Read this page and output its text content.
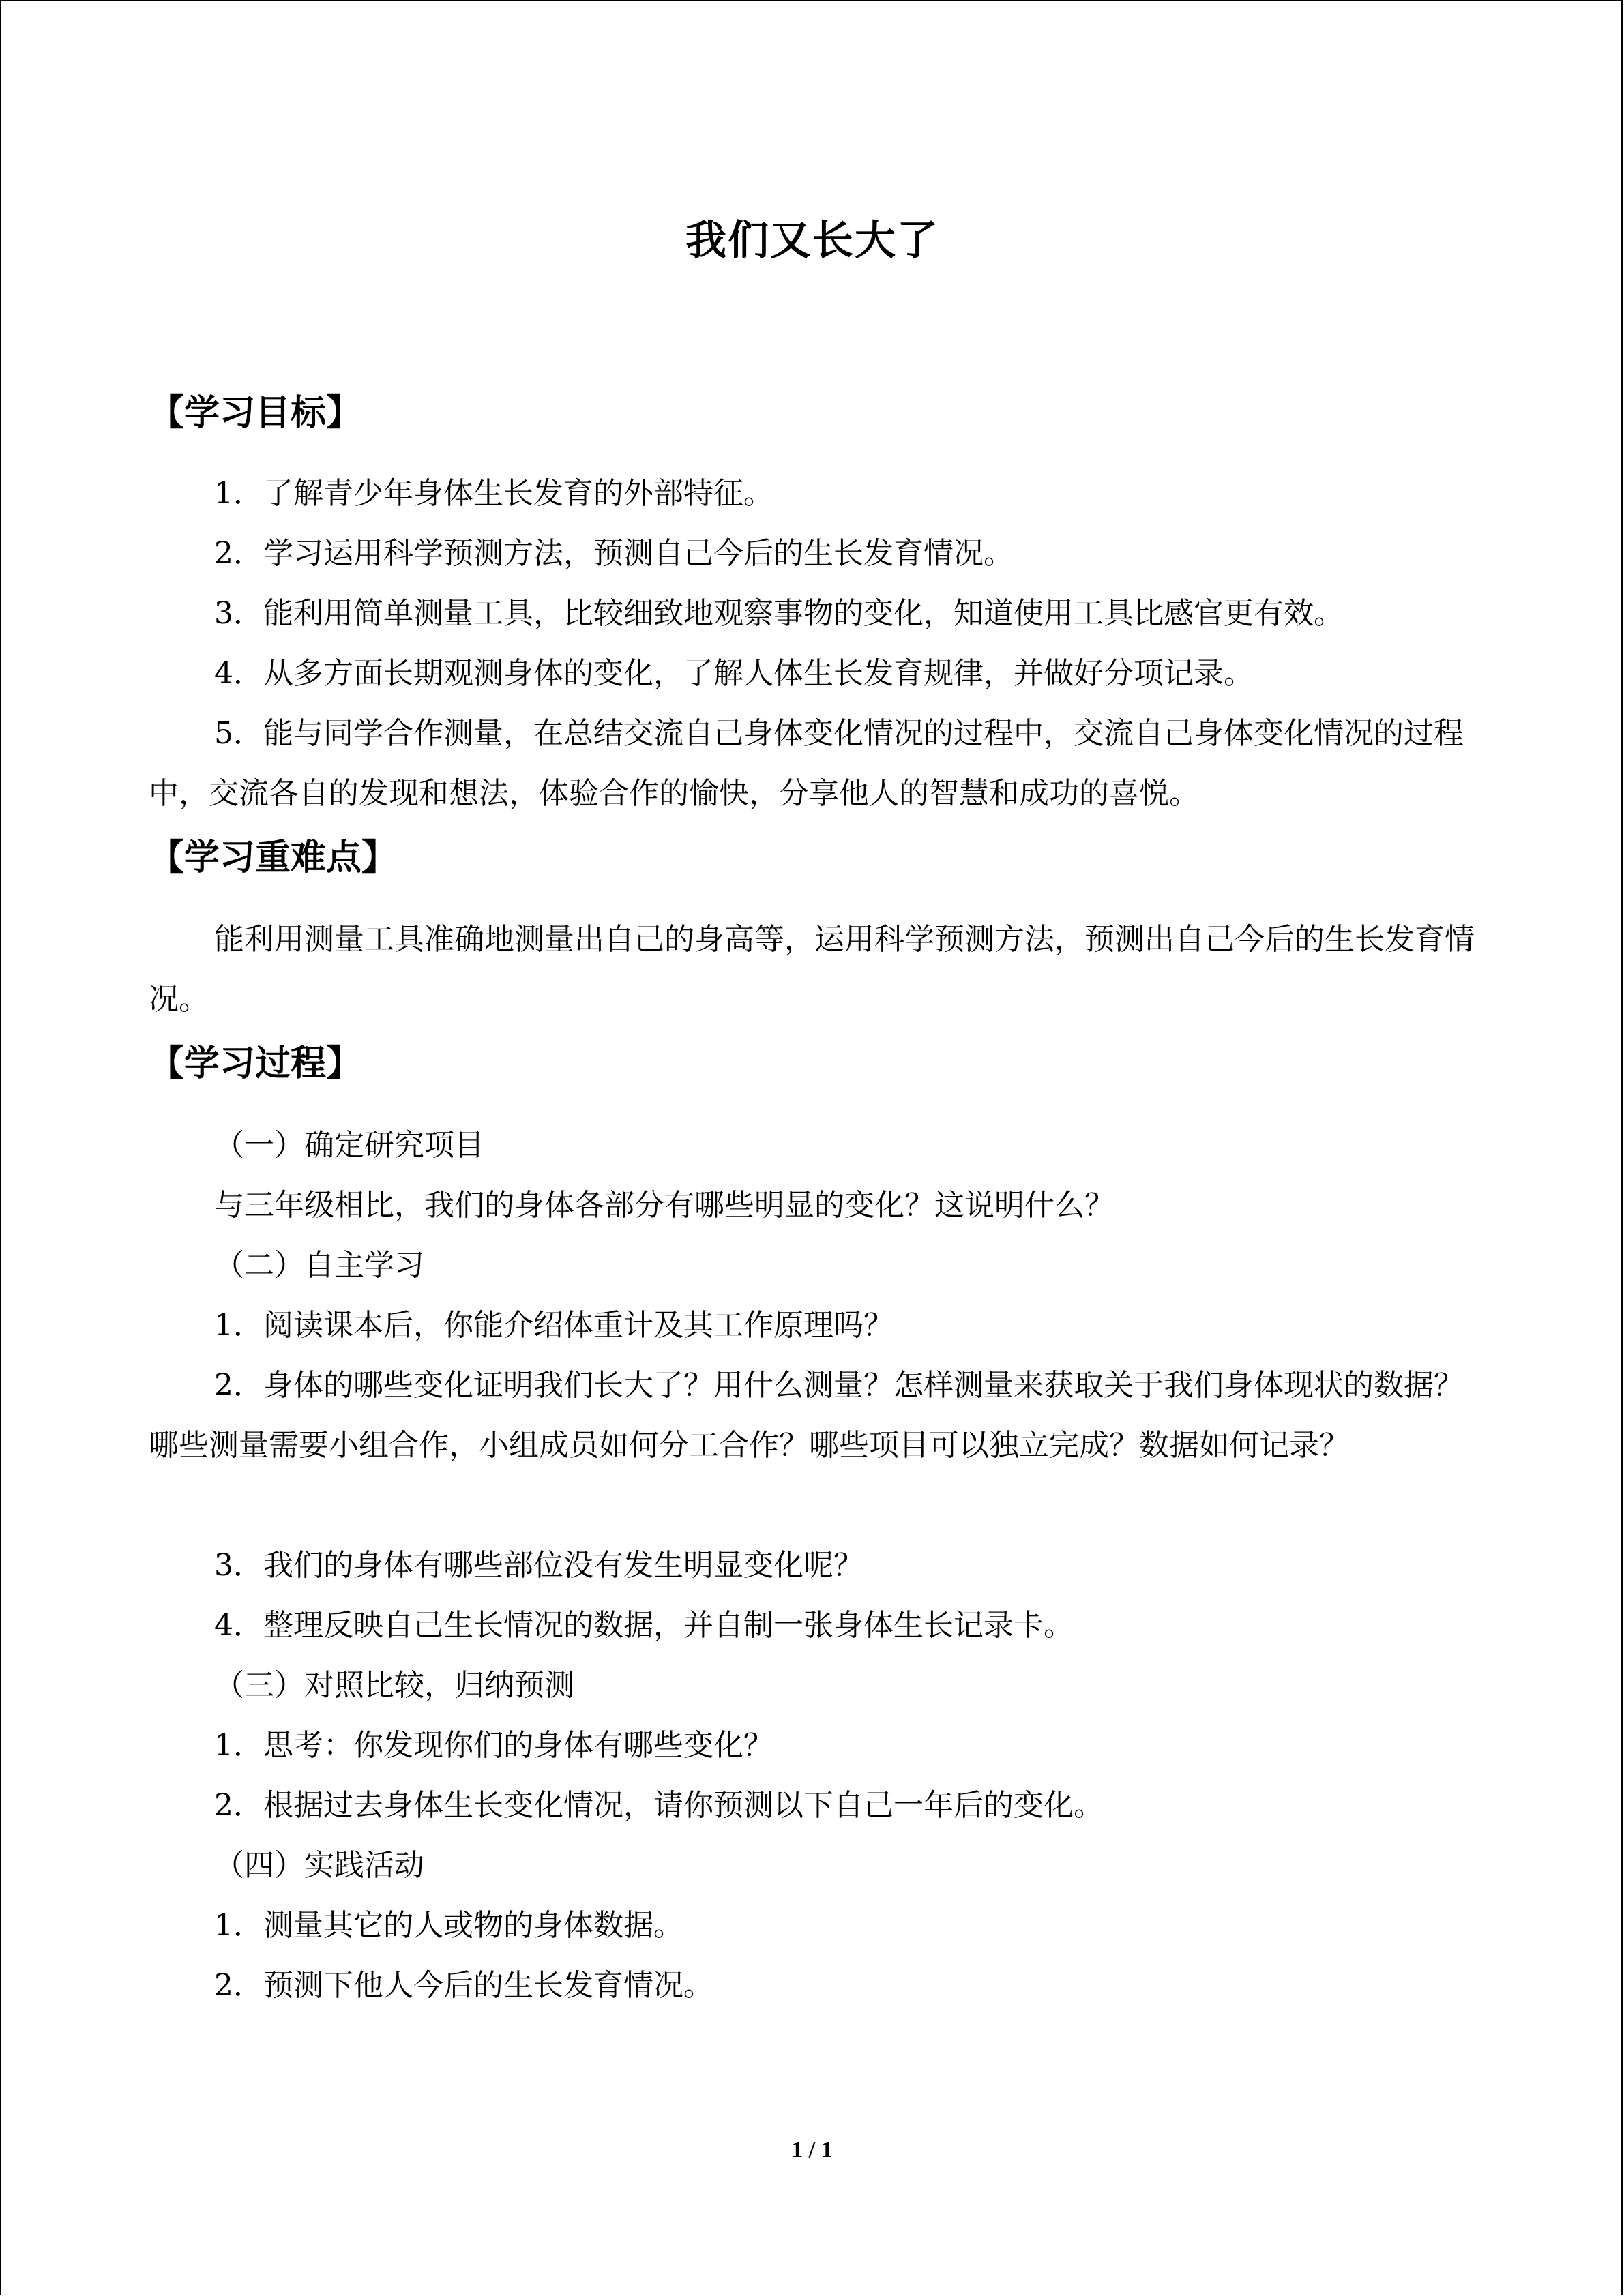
我们又长大了
【学习目标】

1．了解青少年身体生长发育的外部特征。

2．学习运用科学预测方法，预测自己今后的生长发育情况。

3．能利用简单测量工具，比较细致地观察事物的变化，知道使用工具比感官更有效。

4．从多方面长期观测身体的变化，了解人体生长发育规律，并做好分项记录。

5．能与同学合作测量，在总结交流自己身体变化情况的过程中，交流自己身体变化情况的过程中，交流各自的发现和想法，体验合作的愉快，分享他人的智慧和成功的喜悦。

【学习重难点】

能利用测量工具准确地测量出自己的身高等，运用科学预测方法，预测出自己今后的生长发育情况。

【学习过程】

（一）确定研究项目

与三年级相比，我们的身体各部分有哪些明显的变化？这说明什么？

（二）自主学习

1．阅读课本后，你能介绍体重计及其工作原理吗？

2．身体的哪些变化证明我们长大了？用什么测量？怎样测量来获取关于我们身体现状的数据？哪些测量需要小组合作，小组成员如何分工合作？哪些项目可以独立完成？数据如何记录？

3．我们的身体有哪些部位没有发生明显变化呢？

4．整理反映自己生长情况的数据，并自制一张身体生长记录卡。

（三）对照比较，归纳预测

1．思考：你发现你们的身体有哪些变化？

2．根据过去身体生长变化情况，请你预测以下自己一年后的变化。

（四）实践活动

1．测量其它的人或物的身体数据。

2．预测下他人今后的生长发育情况。

1 / 1
